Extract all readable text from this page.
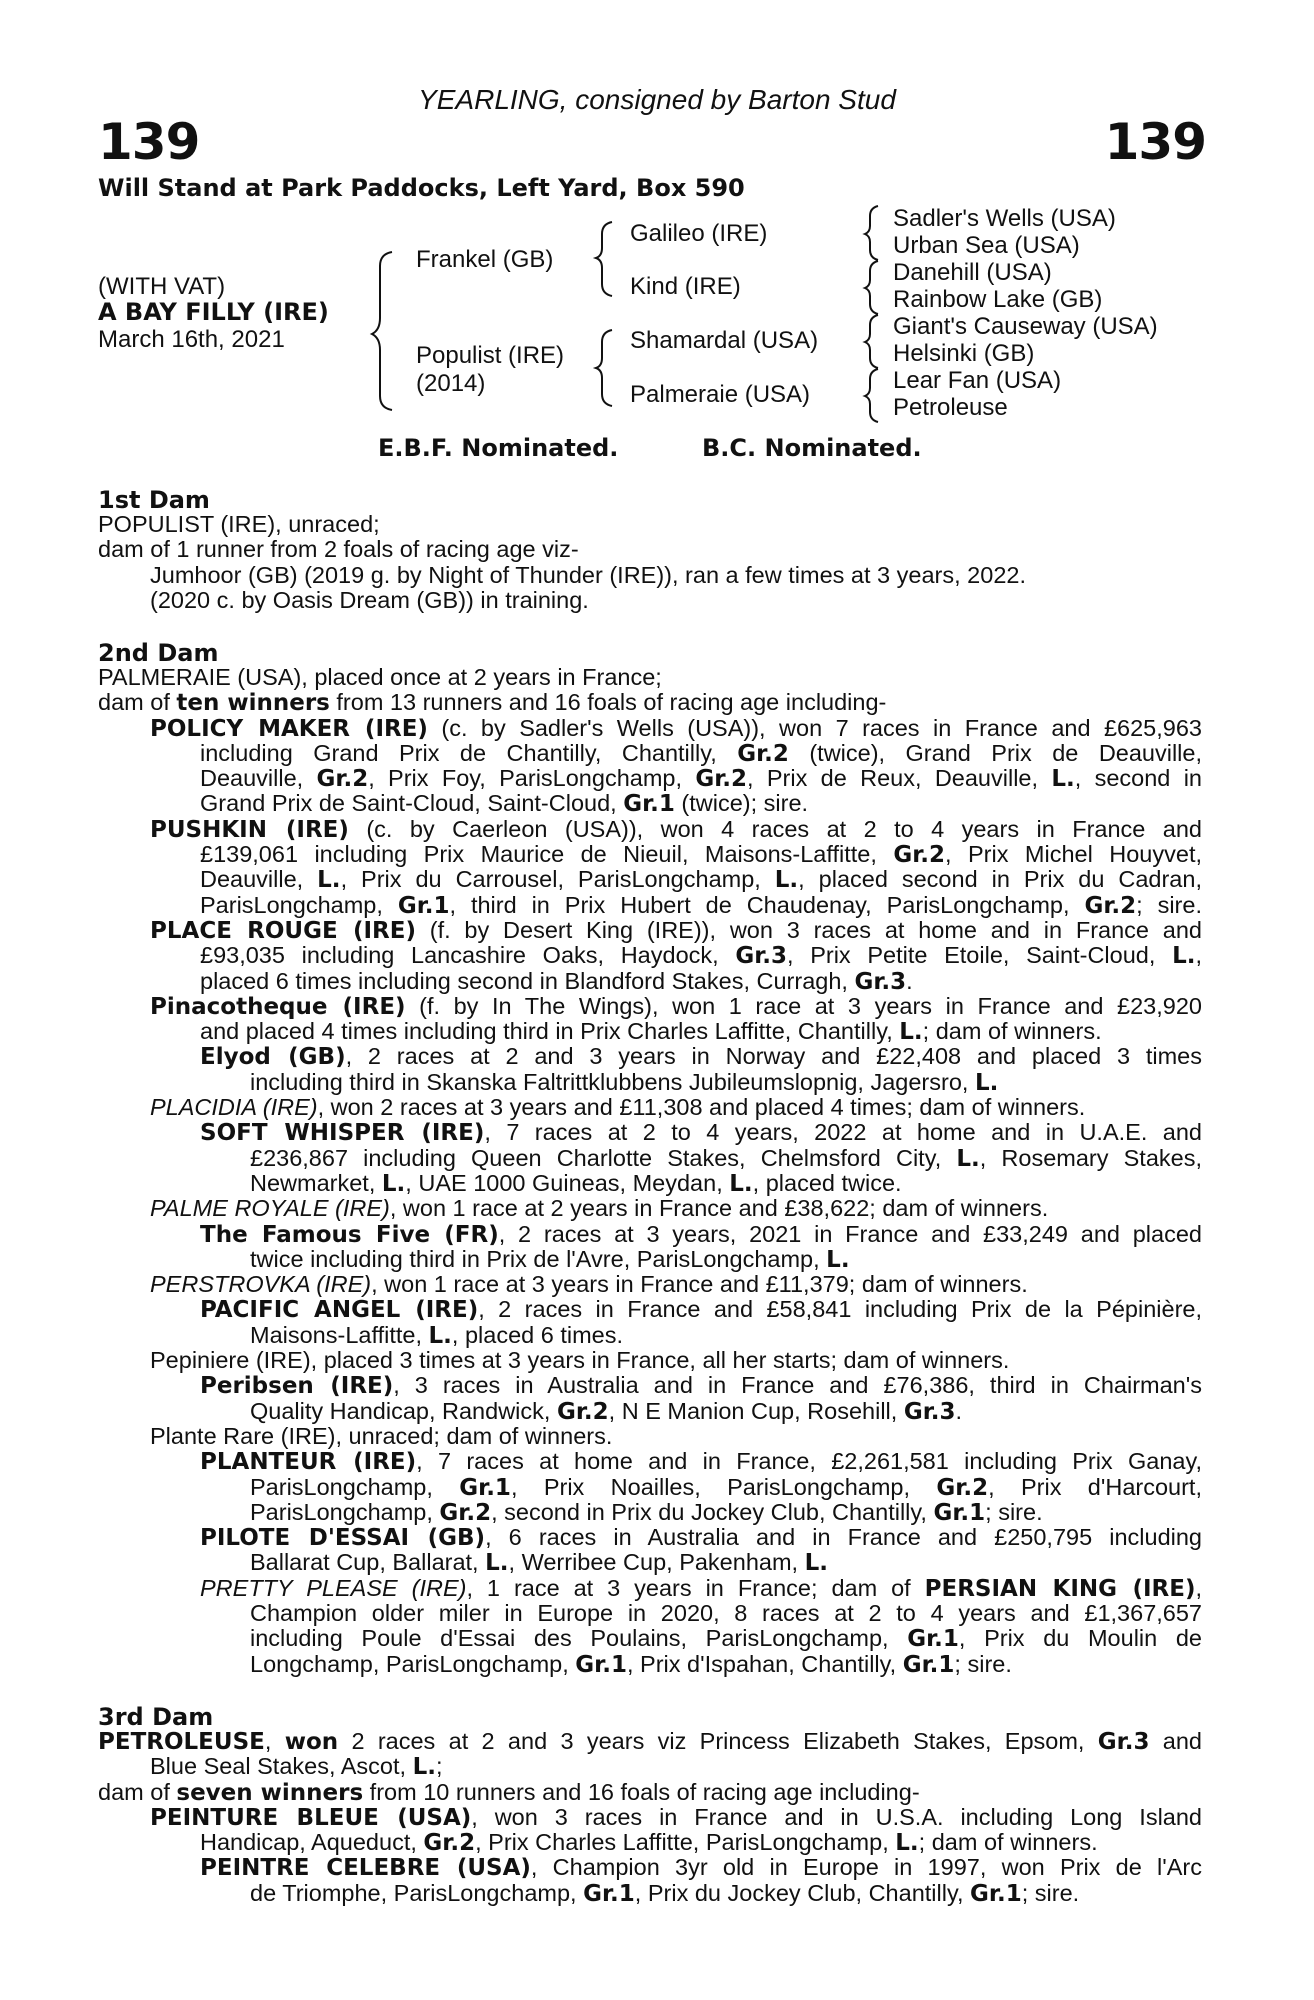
YEARLING, consigned by Barton Stud
139	139
Will Stand at Park Paddocks, Left Yard, Box 590
(WITH VAT)
A BAY FILLY (IRE)
March 16th, 2021
Frankel (GB)
Populist (IRE)
(2014)
Galileo (IRE)
Kind (IRE)
Shamardal (USA)
Palmeraie (USA)
Sadler's Wells (USA)
Urban Sea (USA)
Danehill (USA)
Rainbow Lake (GB)
Giant's Causeway (USA)
Helsinki (GB)
Lear Fan (USA)
Petroleuse
E.B.F. Nominated.	B.C. Nominated.
1st Dam
POPULIST (IRE), unraced;
dam of 1 runner from 2 foals of racing age viz-
Jumhoor (GB) (2019 g. by Night of Thunder (IRE)), ran a few times at 3 years, 2022.
(2020 c. by Oasis Dream (GB)) in training.
2nd Dam
PALMERAIE (USA), placed once at 2 years in France;
dam of ten winners from 13 runners and 16 foals of racing age including-
POLICY MAKER (IRE) (c. by Sadler's Wells (USA)), won 7 races in France and £625,963
including Grand Prix de Chantilly, Chantilly, Gr.2 (twice), Grand Prix de Deauville,
Deauville, Gr.2, Prix Foy, ParisLongchamp, Gr.2, Prix de Reux, Deauville, L., second in
Grand Prix de Saint-Cloud, Saint-Cloud, Gr.1 (twice); sire.
PUSHKIN (IRE) (c. by Caerleon (USA)), won 4 races at 2 to 4 years in France and
£139,061 including Prix Maurice de Nieuil, Maisons-Laffitte, Gr.2, Prix Michel Houyvet,
Deauville, L., Prix du Carrousel, ParisLongchamp, L., placed second in Prix du Cadran,
ParisLongchamp, Gr.1, third in Prix Hubert de Chaudenay, ParisLongchamp, Gr.2; sire.
PLACE ROUGE (IRE) (f. by Desert King (IRE)), won 3 races at home and in France and
£93,035 including Lancashire Oaks, Haydock, Gr.3, Prix Petite Etoile, Saint-Cloud, L.,
placed 6 times including second in Blandford Stakes, Curragh, Gr.3.
Pinacotheque (IRE) (f. by In The Wings), won 1 race at 3 years in France and £23,920
and placed 4 times including third in Prix Charles Laffitte, Chantilly, L.; dam of winners.
Elyod (GB), 2 races at 2 and 3 years in Norway and £22,408 and placed 3 times
including third in Skanska Faltrittklubbens Jubileumslopnig, Jagersro, L.
PLACIDIA (IRE), won 2 races at 3 years and £11,308 and placed 4 times; dam of winners.
SOFT WHISPER (IRE), 7 races at 2 to 4 years, 2022 at home and in U.A.E. and
£236,867 including Queen Charlotte Stakes, Chelmsford City, L., Rosemary Stakes,
Newmarket, L., UAE 1000 Guineas, Meydan, L., placed twice.
PALME ROYALE (IRE), won 1 race at 2 years in France and £38,622; dam of winners.
The Famous Five (FR), 2 races at 3 years, 2021 in France and £33,249 and placed
twice including third in Prix de l'Avre, ParisLongchamp, L.
PERSTROVKA (IRE), won 1 race at 3 years in France and £11,379; dam of winners.
PACIFIC ANGEL (IRE), 2 races in France and £58,841 including Prix de la Pépinière,
Maisons-Laffitte, L., placed 6 times.
Pepiniere (IRE), placed 3 times at 3 years in France, all her starts; dam of winners.
Peribsen (IRE), 3 races in Australia and in France and £76,386, third in Chairman's
Quality Handicap, Randwick, Gr.2, N E Manion Cup, Rosehill, Gr.3.
Plante Rare (IRE), unraced; dam of winners.
PLANTEUR (IRE), 7 races at home and in France, £2,261,581 including Prix Ganay,
ParisLongchamp, Gr.1, Prix Noailles, ParisLongchamp, Gr.2, Prix d'Harcourt,
ParisLongchamp, Gr.2, second in Prix du Jockey Club, Chantilly, Gr.1; sire.
PILOTE D'ESSAI (GB), 6 races in Australia and in France and £250,795 including
Ballarat Cup, Ballarat, L., Werribee Cup, Pakenham, L.
PRETTY PLEASE (IRE), 1 race at 3 years in France; dam of PERSIAN KING (IRE),
Champion older miler in Europe in 2020, 8 races at 2 to 4 years and £1,367,657
including Poule d'Essai des Poulains, ParisLongchamp, Gr.1, Prix du Moulin de
Longchamp, ParisLongchamp, Gr.1, Prix d'Ispahan, Chantilly, Gr.1; sire.
3rd Dam
PETROLEUSE, won 2 races at 2 and 3 years viz Princess Elizabeth Stakes, Epsom, Gr.3 and
Blue Seal Stakes, Ascot, L.;
dam of seven winners from 10 runners and 16 foals of racing age including-
PEINTURE BLEUE (USA), won 3 races in France and in U.S.A. including Long Island
Handicap, Aqueduct, Gr.2, Prix Charles Laffitte, ParisLongchamp, L.; dam of winners.
PEINTRE CELEBRE (USA), Champion 3yr old in Europe in 1997, won Prix de l'Arc
de Triomphe, ParisLongchamp, Gr.1, Prix du Jockey Club, Chantilly, Gr.1; sire.
